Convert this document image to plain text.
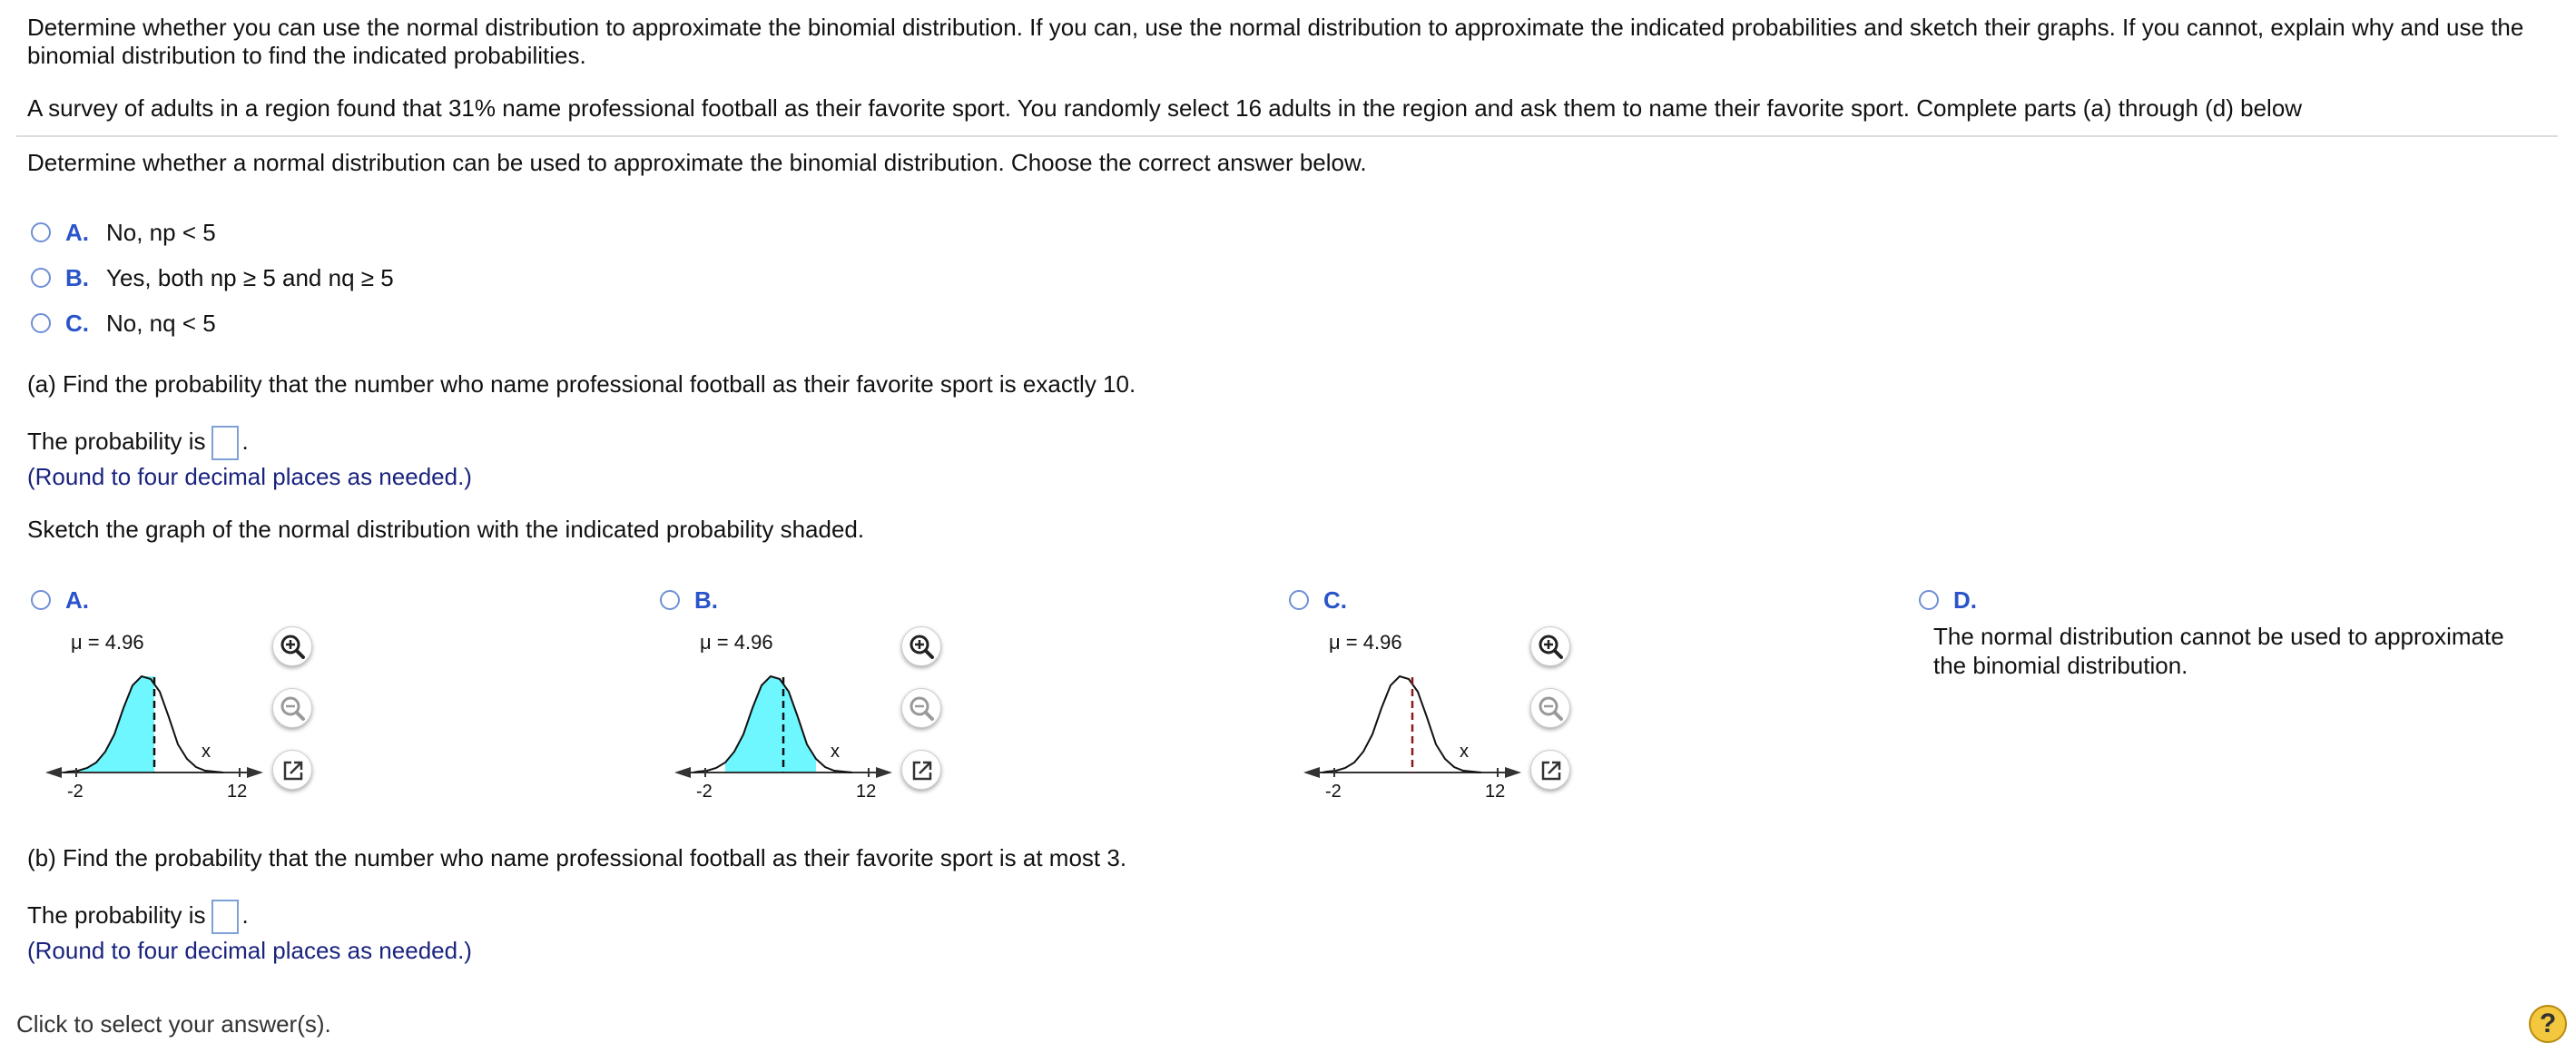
Determine whether you can use the normal distribution to approximate the binomial distribution. If you can, use the normal distribution to approximate the indicated probabilities and sketch their graphs. If you cannot, explain why and use the
binomial distribution to find the indicated probabilities.
A survey of adults in a region found that 31% name professional football as their favorite sport. You randomly select 16 adults in the region and ask them to name their favorite sport. Complete parts (a) through (d) below
Determine whether a normal distribution can be used to approximate the binomial distribution. Choose the correct answer below.
A. No, np < 5
B. Yes, both np ≥ 5 and nq ≥ 5
C. No, nq < 5
(a) Find the probability that the number who name professional football as their favorite sport is exactly 10.
The probability is .
(Round to four decimal places as needed.)
Sketch the graph of the normal distribution with the indicated probability shaded.
A.
μ = 4.96
x
-2	12
B.
μ = 4.96
x
-2	12
C.
μ = 4.96
x
-2	12
D.
The normal distribution cannot be used to approximate
the binomial distribution.
(b) Find the probability that the number who name professional football as their favorite sport is at most 3.
The probability is .
(Round to four decimal places as needed.)
Click to select your answer(s).	?
